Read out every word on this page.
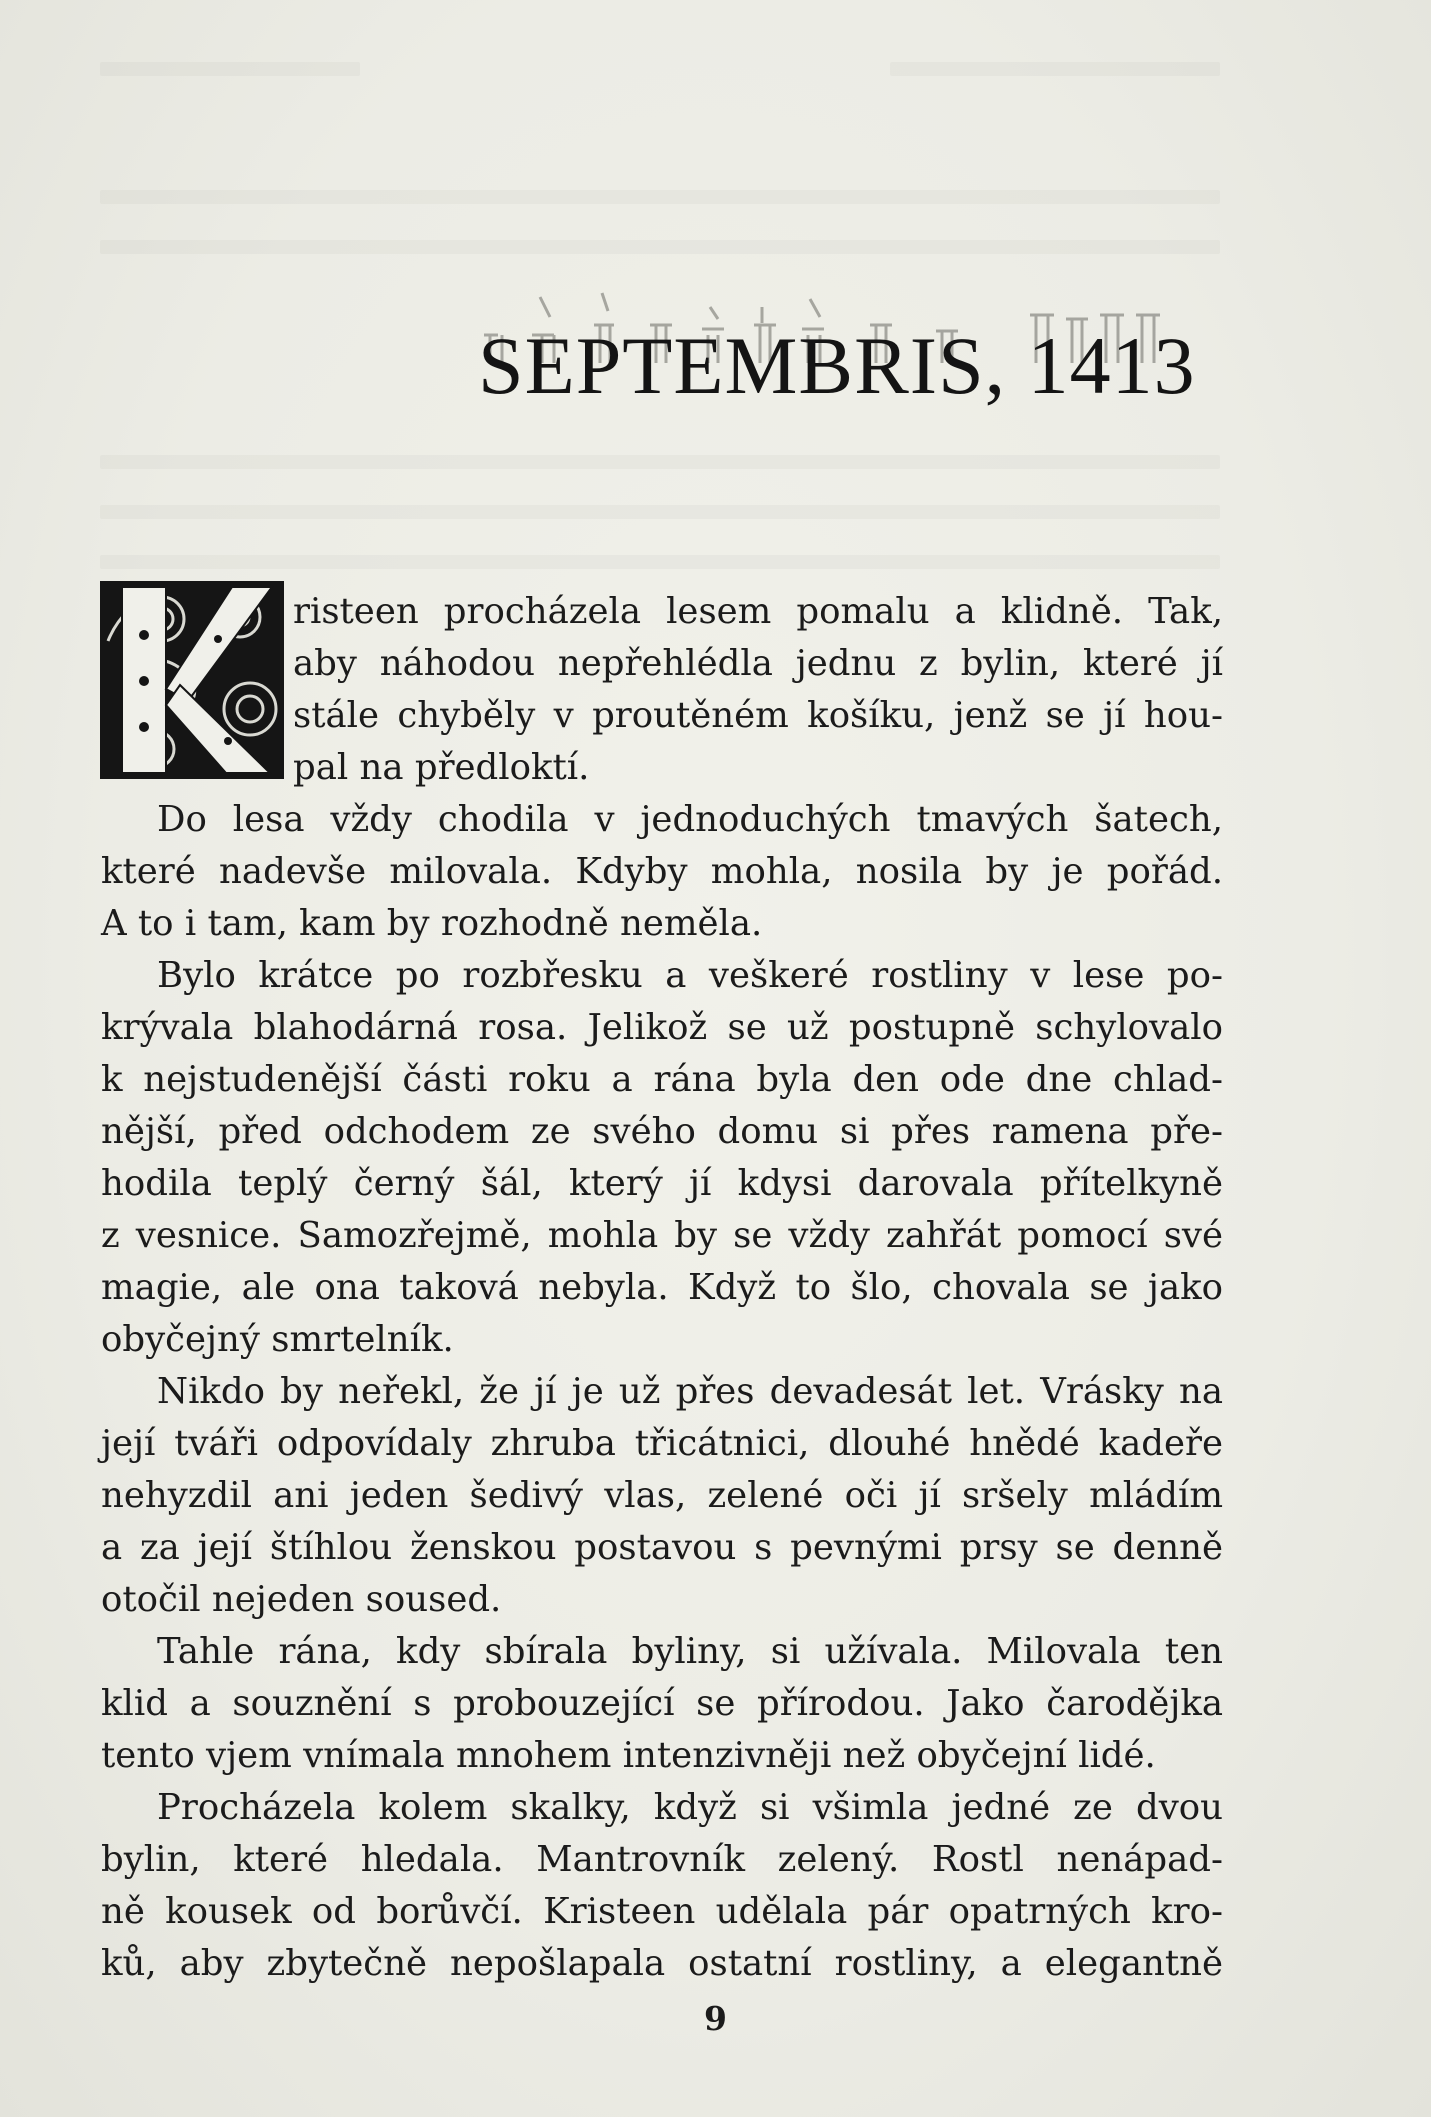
SEPTEMBRIS, 1413

risteen procházela lesem pomalu a klidně. Tak,

aby náhodou nepřehlédla jednu z bylin, které jí

stále chyběly v proutěném košíku, jenž se jí hou-

pal na předloktí.

Do lesa vždy chodila v jednoduchých tmavých šatech,

které nadevše milovala. Kdyby mohla, nosila by je pořád.

A to i tam, kam by rozhodně neměla.

Bylo krátce po rozbřesku a veškeré rostliny v lese po-

krývala blahodárná rosa. Jelikož se už postupně schylovalo

k nejstudenější části roku a rána byla den ode dne chlad-

nější, před odchodem ze svého domu si přes ramena pře-

hodila teplý černý šál, který jí kdysi darovala přítelkyně

z vesnice. Samozřejmě, mohla by se vždy zahřát pomocí své

magie, ale ona taková nebyla. Když to šlo, chovala se jako

obyčejný smrtelník.

Nikdo by neřekl, že jí je už přes devadesát let. Vrásky na

její tváři odpovídaly zhruba třicátnici, dlouhé hnědé kadeře

nehyzdil ani jeden šedivý vlas, zelené oči jí sršely mládím

a za její štíhlou ženskou postavou s pevnými prsy se denně

otočil nejeden soused.

Tahle rána, kdy sbírala byliny, si užívala. Milovala ten

klid a souznění s probouzející se přírodou. Jako čarodějka

tento vjem vnímala mnohem intenzivněji než obyčejní lidé.

Procházela kolem skalky, když si všimla jedné ze dvou

bylin, které hledala. Mantrovník zelený. Rostl nenápad-

ně kousek od borůvčí. Kristeen udělala pár opatrných kro-

ků, aby zbytečně nepošlapala ostatní rostliny, a elegantně

9
